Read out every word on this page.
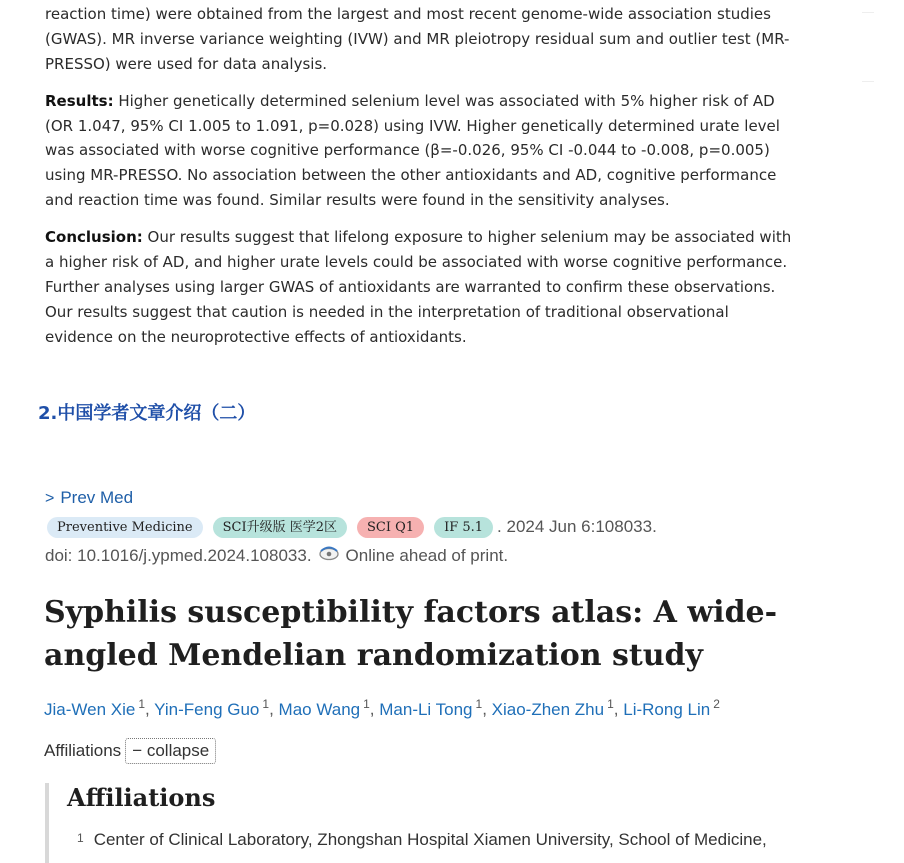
reaction time) were obtained from the largest and most recent genome-wide association studies (GWAS). MR inverse variance weighting (IVW) and MR pleiotropy residual sum and outlier test (MR-PRESSO) were used for data analysis.

Results: Higher genetically determined selenium level was associated with 5% higher risk of AD (OR 1.047, 95% CI 1.005 to 1.091, p=0.028) using IVW. Higher genetically determined urate level was associated with worse cognitive performance (β=-0.026, 95% CI -0.044 to -0.008, p=0.005) using MR-PRESSO. No association between the other antioxidants and AD, cognitive performance and reaction time was found. Similar results were found in the sensitivity analyses.

Conclusion: Our results suggest that lifelong exposure to higher selenium may be associated with a higher risk of AD, and higher urate levels could be associated with worse cognitive performance. Further analyses using larger GWAS of antioxidants are warranted to confirm these observations. Our results suggest that caution is needed in the interpretation of traditional observational evidence on the neuroprotective effects of antioxidants.

2.中国学者文章介绍（二）
> Prev Med
Preventive Medicine	SCI升级版 医学2区	SCI Q1	IF 5.1 . 2024 Jun 6:108033.
doi: 10.1016/j.ypmed.2024.108033. Online ahead of print.
Syphilis susceptibility factors atlas: A wide-angled Mendelian randomization study
Jia-Wen Xie $^1$, Yin-Feng Guo $^1$, Mao Wang $^1$, Man-Li Tong $^1$, Xiao-Zhen Zhu $^1$, Li-Rong Lin $^2$
Affiliations − collapse
Affiliations
1 Center of Clinical Laboratory, Zhongshan Hospital Xiamen University, School of Medicine,
